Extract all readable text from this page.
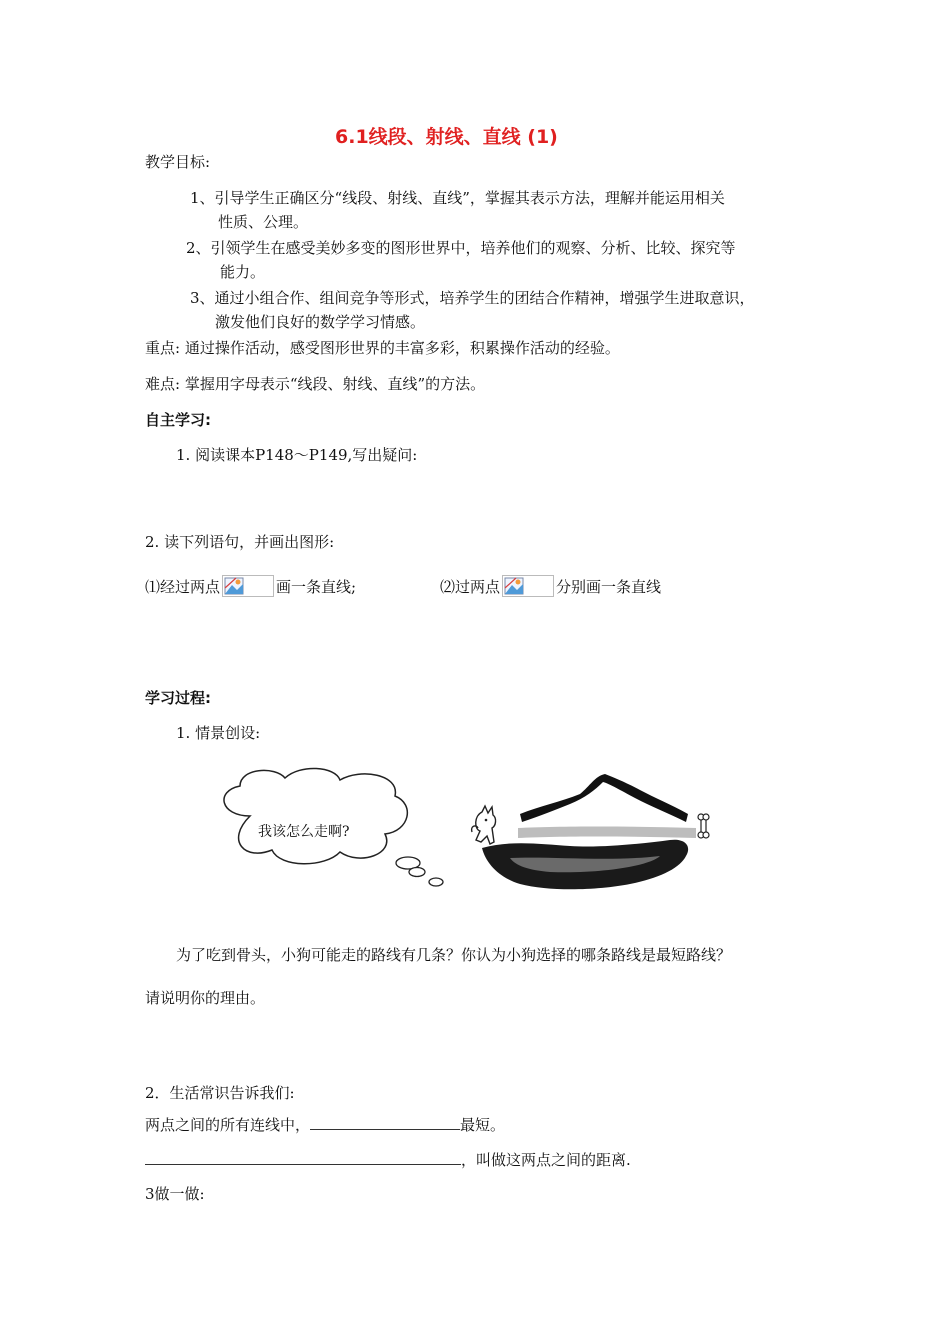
6.1线段、射线、直线 (1)
教学目标:
1、引导学生正确区分“线段、射线、直线”，掌握其表示方法，理解并能运用相关
性质、公理。
2、引领学生在感受美妙多变的图形世界中，培养他们的观察、分析、比较、探究等
能力。
3、通过小组合作、组间竞争等形式，培养学生的团结合作精神，增强学生进取意识，
激发他们良好的数学学习情感。
重点: 通过操作活动，感受图形世界的丰富多彩，积累操作活动的经验。
难点: 掌握用字母表示“线段、射线、直线”的方法。
自主学习:
1. 阅读课本P148～P149,写出疑问:
2. 读下列语句，并画出图形:
⑴经过两点	画一条直线;	⑵过两点	分别画一条直线
学习过程:
1. 情景创设:
我该怎么走啊?
为了吃到骨头，小狗可能走的路线有几条？你认为小狗选择的哪条路线是最短路线？
请说明你的理由。
2．生活常识告诉我们:
两点之间的所有连线中，	最短。
，叫做这两点之间的距离.
3做一做:
